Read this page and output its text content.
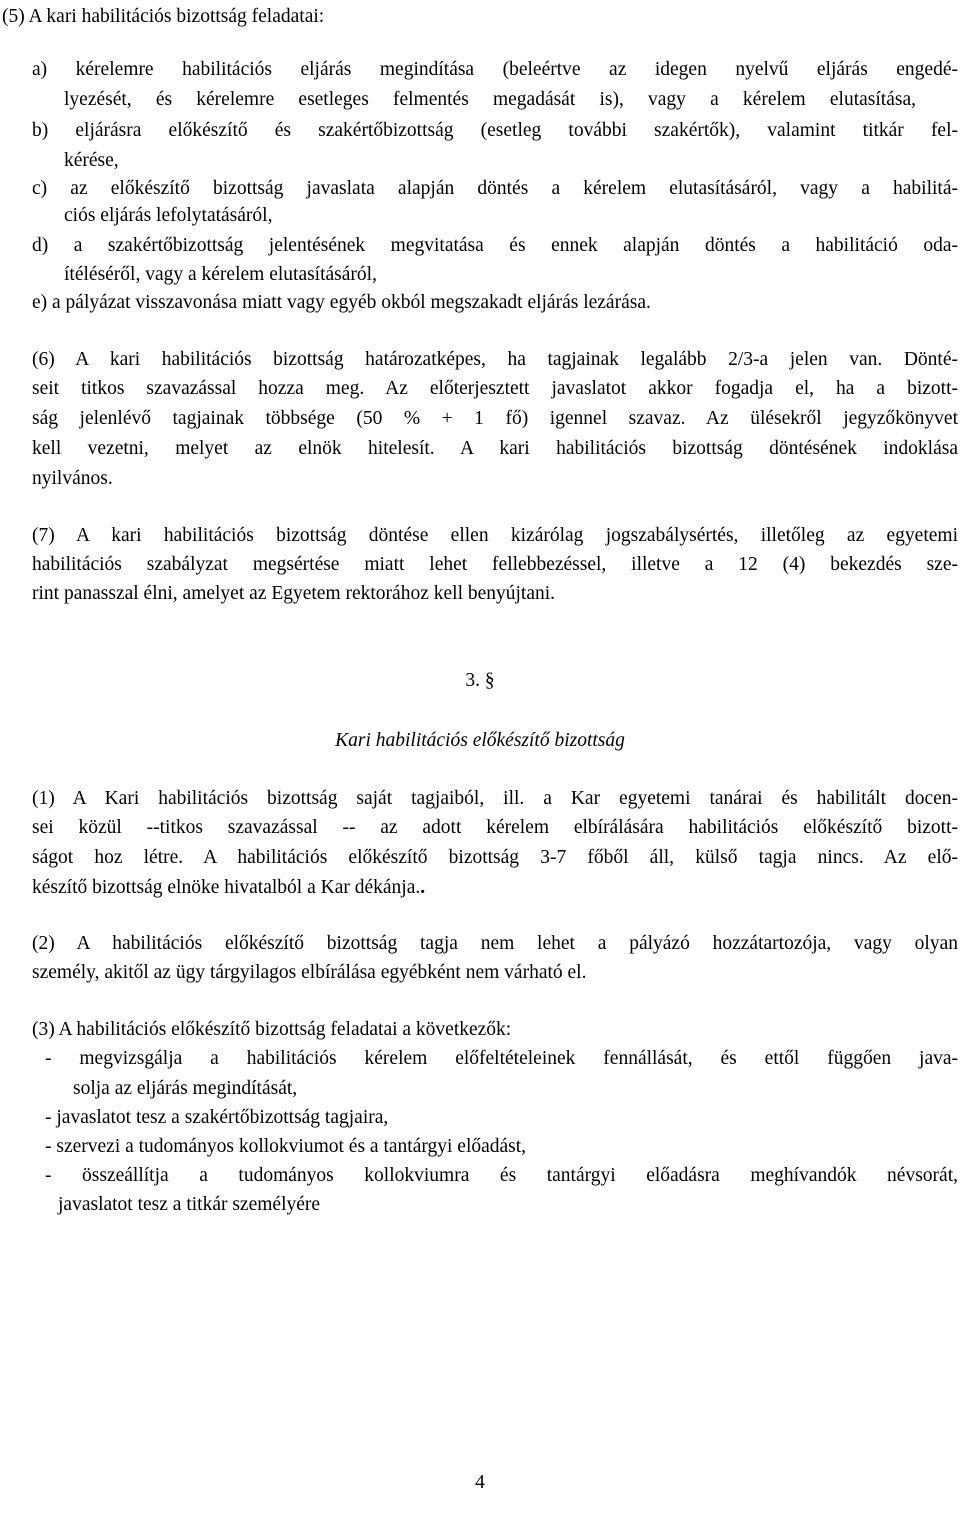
(5) A kari habilitációs bizottság feladatai:
a) kérelemre habilitációs eljárás megindítása (beleértve az idegen nyelvű eljárás engedé-
lyezését, és kérelemre esetleges felmentés megadását is), vagy a kérelem elutasítása,
b) eljárásra előkészítő és szakértőbizottság (esetleg további szakértők), valamint titkár fel-
kérése,
c) az előkészítő bizottság javaslata alapján döntés a kérelem elutasításáról, vagy a habilitá-
ciós eljárás lefolytatásáról,
d) a szakértőbizottság jelentésének megvitatása és ennek alapján döntés a habilitáció oda-
ítéléséről, vagy a kérelem elutasításáról,
e) a pályázat visszavonása miatt vagy egyéb okból megszakadt eljárás lezárása.
(6) A kari habilitációs bizottság határozatképes, ha tagjainak legalább 2/3-a jelen van. Dönté-
seit titkos szavazással hozza meg. Az előterjesztett javaslatot akkor fogadja el, ha a bizott-
ság jelenlévő tagjainak többsége (50 % + 1 fő) igennel szavaz. Az ülésekről jegyzőkönyvet
kell vezetni, melyet az elnök hitelesít. A kari habilitációs bizottság döntésének indoklása
nyilvános.
(7) A kari habilitációs bizottság döntése ellen kizárólag jogszabálysértés, illetőleg az egyetemi
habilitációs szabályzat megsértése miatt lehet fellebbezéssel, illetve a 12 (4) bekezdés sze-
rint panasszal élni, amelyet az Egyetem rektorához kell benyújtani.
3. §
Kari habilitációs előkészítő bizottság
(1) A Kari habilitációs bizottság saját tagjaiból, ill. a Kar egyetemi tanárai és habilitált docen-
sei közül --titkos szavazással -- az adott kérelem elbírálására habilitációs előkészítő bizott-
ságot hoz létre. A habilitációs előkészítő bizottság 3-7 főből áll, külső tagja nincs. Az elő-
készítő bizottság elnöke hivatalból a Kar dékánja..
(2) A habilitációs előkészítő bizottság tagja nem lehet a pályázó hozzátartozója, vagy olyan
személy, akitől az ügy tárgyilagos elbírálása egyébként nem várható el.
(3) A habilitációs előkészítő bizottság feladatai a következők:
- megvizsgálja a habilitációs kérelem előfeltételeinek fennállását, és ettől függően java-
solja az eljárás megindítását,
- javaslatot tesz a szakértőbizottság tagjaira,
- szervezi a tudományos kollokviumot és a tantárgyi előadást,
- összeállítja a tudományos kollokviumra és tantárgyi előadásra meghívandók névsorát,
javaslatot tesz a titkár személyére
4
